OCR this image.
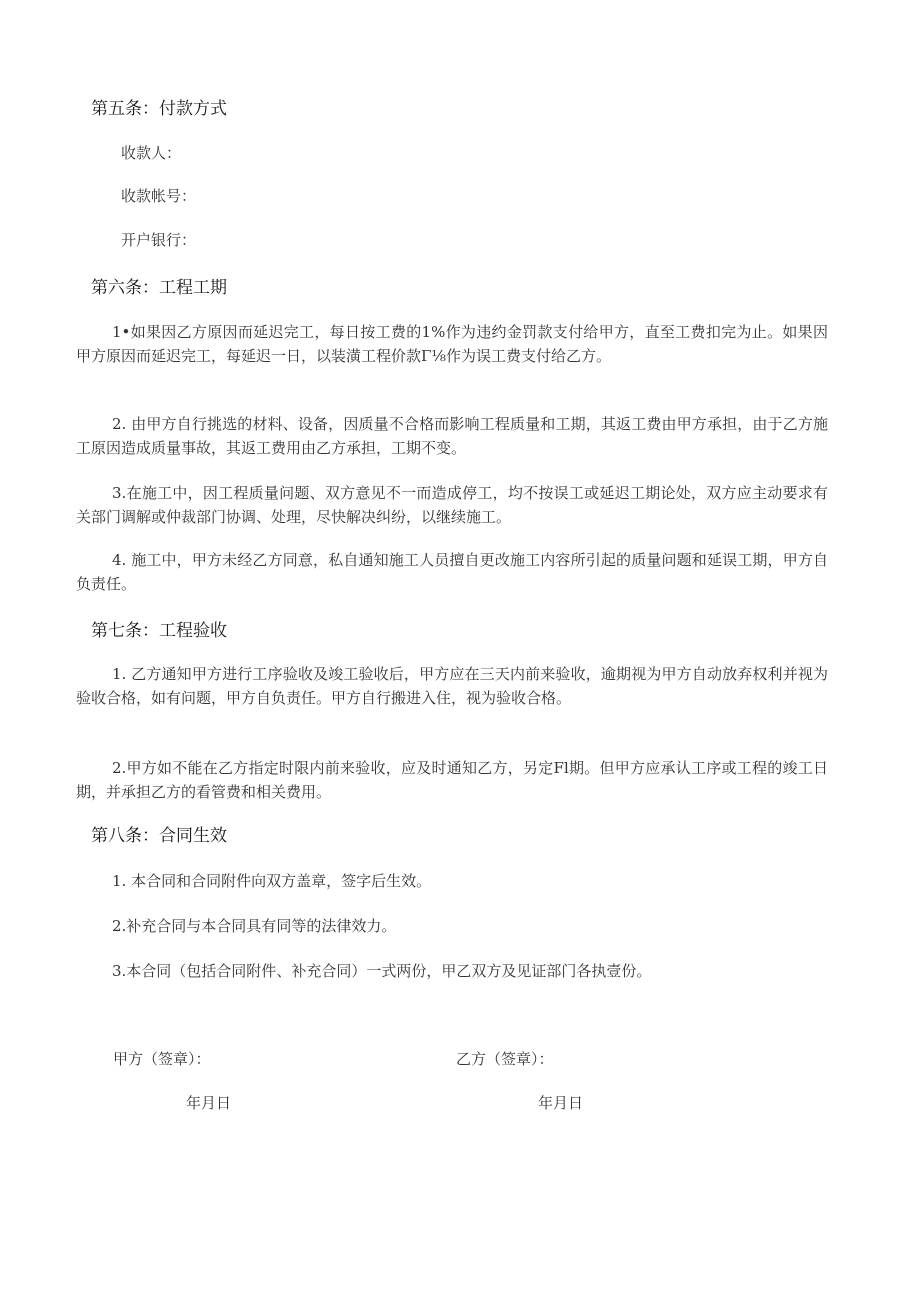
第五条：付款方式
收款人：
收款帐号：
开户银行：
第六条：工程工期

1•如果因乙方原因而延迟完工，每日按工费的1%作为违约金罚款支付给甲方，直至工费扣完为止。如果因甲方原因而延迟完工，每延迟一日，以装潢工程价款Γ⅛作为误工费支付给乙方。

2. 由甲方自行挑选的材料、设备，因质量不合格而影响工程质量和工期，其返工费由甲方承担，由于乙方施工原因造成质量事故，其返工费用由乙方承担，工期不变。

3.在施工中，因工程质量问题、双方意见不一而造成停工，均不按误工或延迟工期论处，双方应主动要求有关部门调解或仲裁部门协调、处理，尽快解决纠纷，以继续施工。

4. 施工中，甲方未经乙方同意，私自通知施工人员擅自更改施工内容所引起的质量问题和延误工期，甲方自负责任。

第七条：工程验收

1. 乙方通知甲方进行工序验收及竣工验收后，甲方应在三天内前来验收，逾期视为甲方自动放弃权利并视为验收合格，如有问题，甲方自负责任。甲方自行搬进入住，视为验收合格。

2.甲方如不能在乙方指定时限内前来验收，应及时通知乙方，另定Fl期。但甲方应承认工序或工程的竣工日期，并承担乙方的看管费和相关费用。

第八条：合同生效

1. 本合同和合同附件向双方盖章，签字后生效。

2.补充合同与本合同具有同等的法律效力。

3.本合同（包括合同附件、补充合同）一式两份，甲乙双方及见证部门各执壹份。

甲方（签章）：	乙方（签章）：
年月日	年月日
